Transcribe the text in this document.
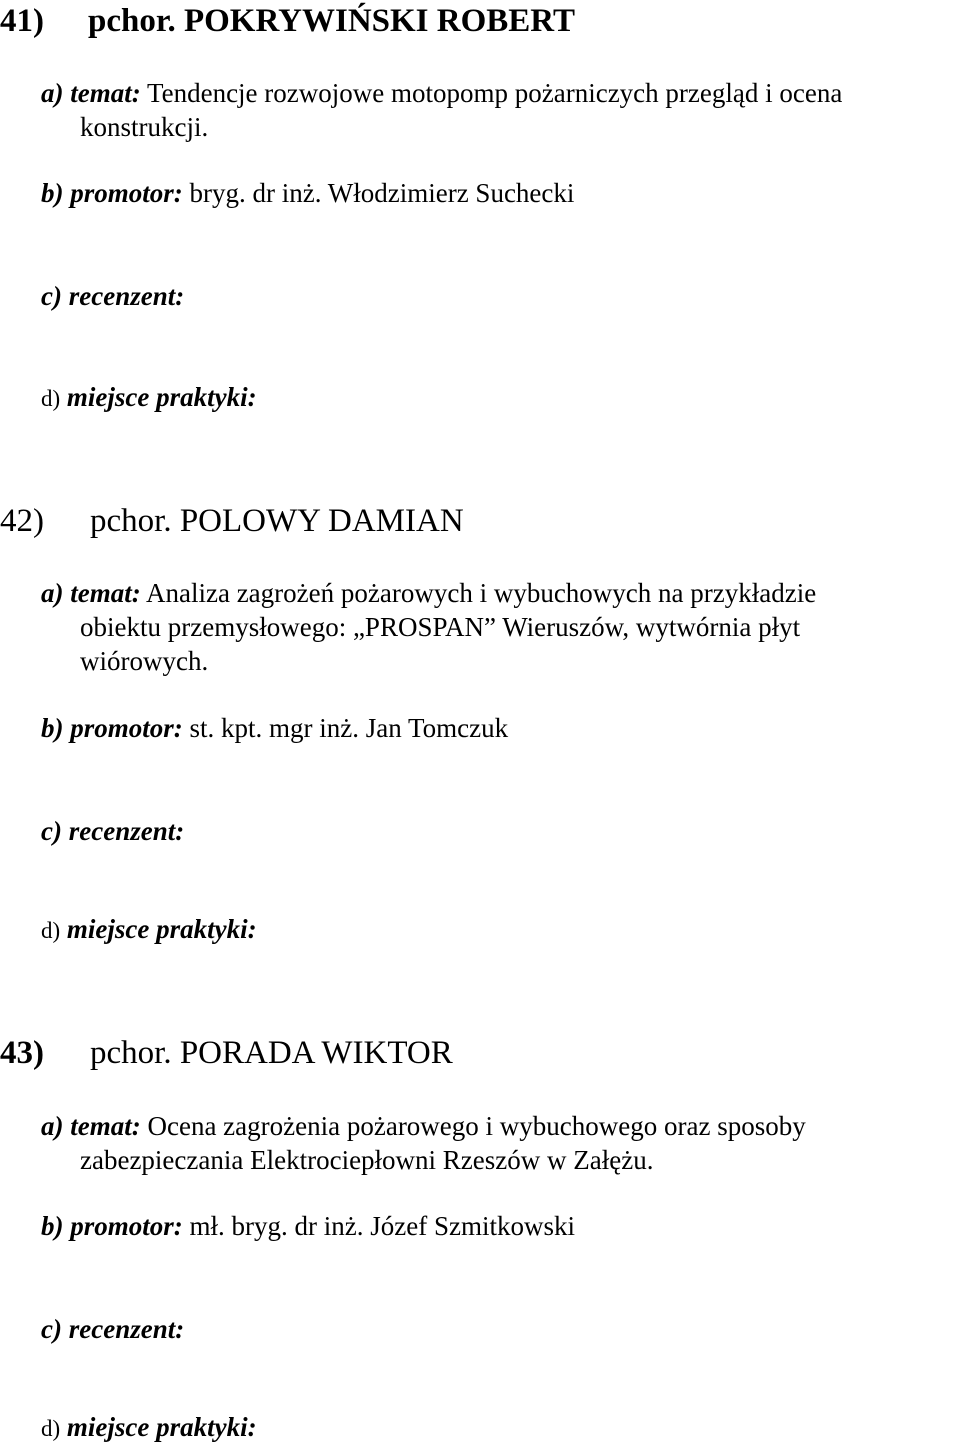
41) pchor. POKRYWIŃSKI ROBERT
a) temat: Tendencje rozwojowe motopomp pożarniczych przegląd i ocena
konstrukcji.
b) promotor: bryg. dr inż. Włodzimierz Suchecki
c) recenzent:
d) miejsce praktyki:
42) pchor. POLOWY DAMIAN
a) temat: Analiza zagrożeń pożarowych i wybuchowych na przykładzie
obiektu przemysłowego: „PROSPAN” Wieruszów, wytwórnia płyt
wiórowych.
b) promotor: st. kpt. mgr inż. Jan Tomczuk
c) recenzent:
d) miejsce praktyki:
43) pchor. PORADA WIKTOR
a) temat: Ocena zagrożenia pożarowego i wybuchowego oraz sposoby
zabezpieczania Elektrociepłowni Rzeszów w Załężu.
b) promotor: mł. bryg. dr inż. Józef Szmitkowski
c) recenzent:
d) miejsce praktyki:
